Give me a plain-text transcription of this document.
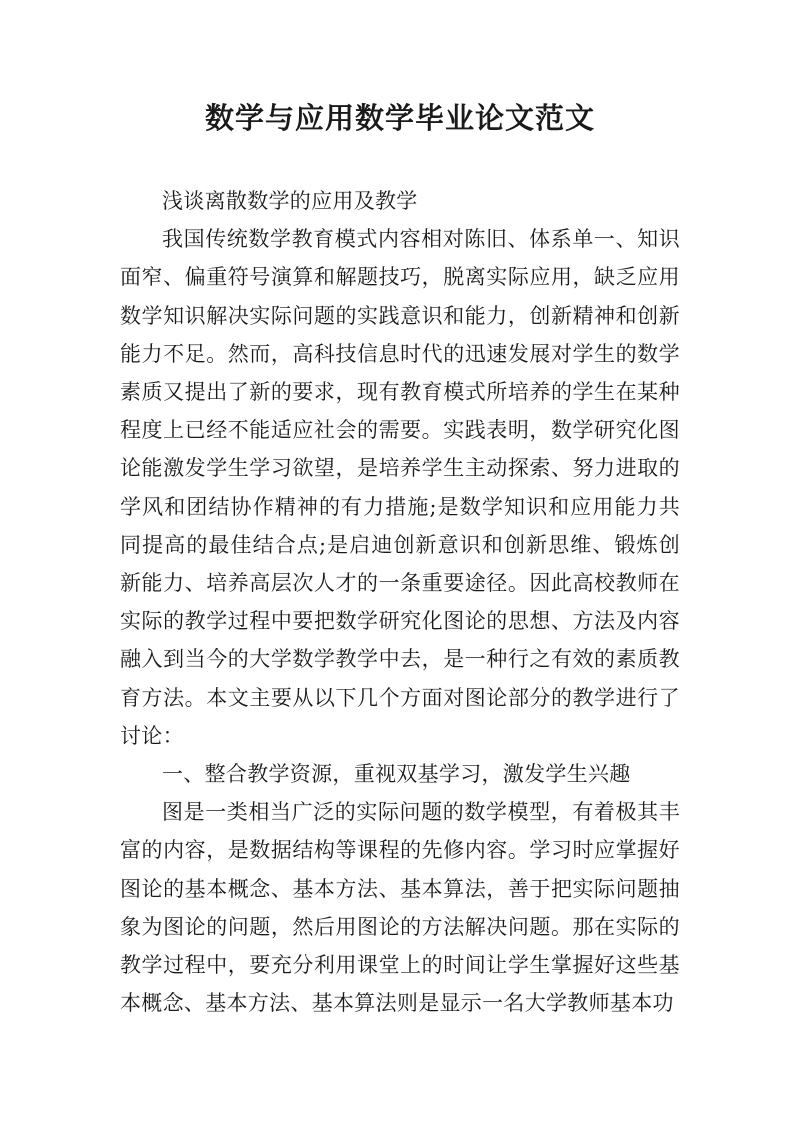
数学与应用数学毕业论文范文

浅谈离散数学的应用及教学

我国传统数学教育模式内容相对陈旧、体系单一、知识面窄、偏重符号演算和解题技巧，脱离实际应用，缺乏应用数学知识解决实际问题的实践意识和能力，创新精神和创新能力不足。然而，高科技信息时代的迅速发展对学生的数学素质又提出了新的要求，现有教育模式所培养的学生在某种程度上已经不能适应社会的需要。实践表明，数学研究化图论能激发学生学习欲望，是培养学生主动探索、努力进取的学风和团结协作精神的有力措施;是数学知识和应用能力共同提高的最佳结合点;是启迪创新意识和创新思维、锻炼创新能力、培养高层次人才的一条重要途径。因此高校教师在实际的教学过程中要把数学研究化图论的思想、方法及内容融入到当今的大学数学教学中去，是一种行之有效的素质教育方法。本文主要从以下几个方面对图论部分的教学进行了讨论：

一、整合教学资源，重视双基学习，激发学生兴趣

图是一类相当广泛的实际问题的数学模型，有着极其丰富的内容，是数据结构等课程的先修内容。学习时应掌握好图论的基本概念、基本方法、基本算法，善于把实际问题抽象为图论的问题，然后用图论的方法解决问题。那在实际的教学过程中，要充分利用课堂上的时间让学生掌握好这些基本概念、基本方法、基本算法则是显示一名大学教师基本功
